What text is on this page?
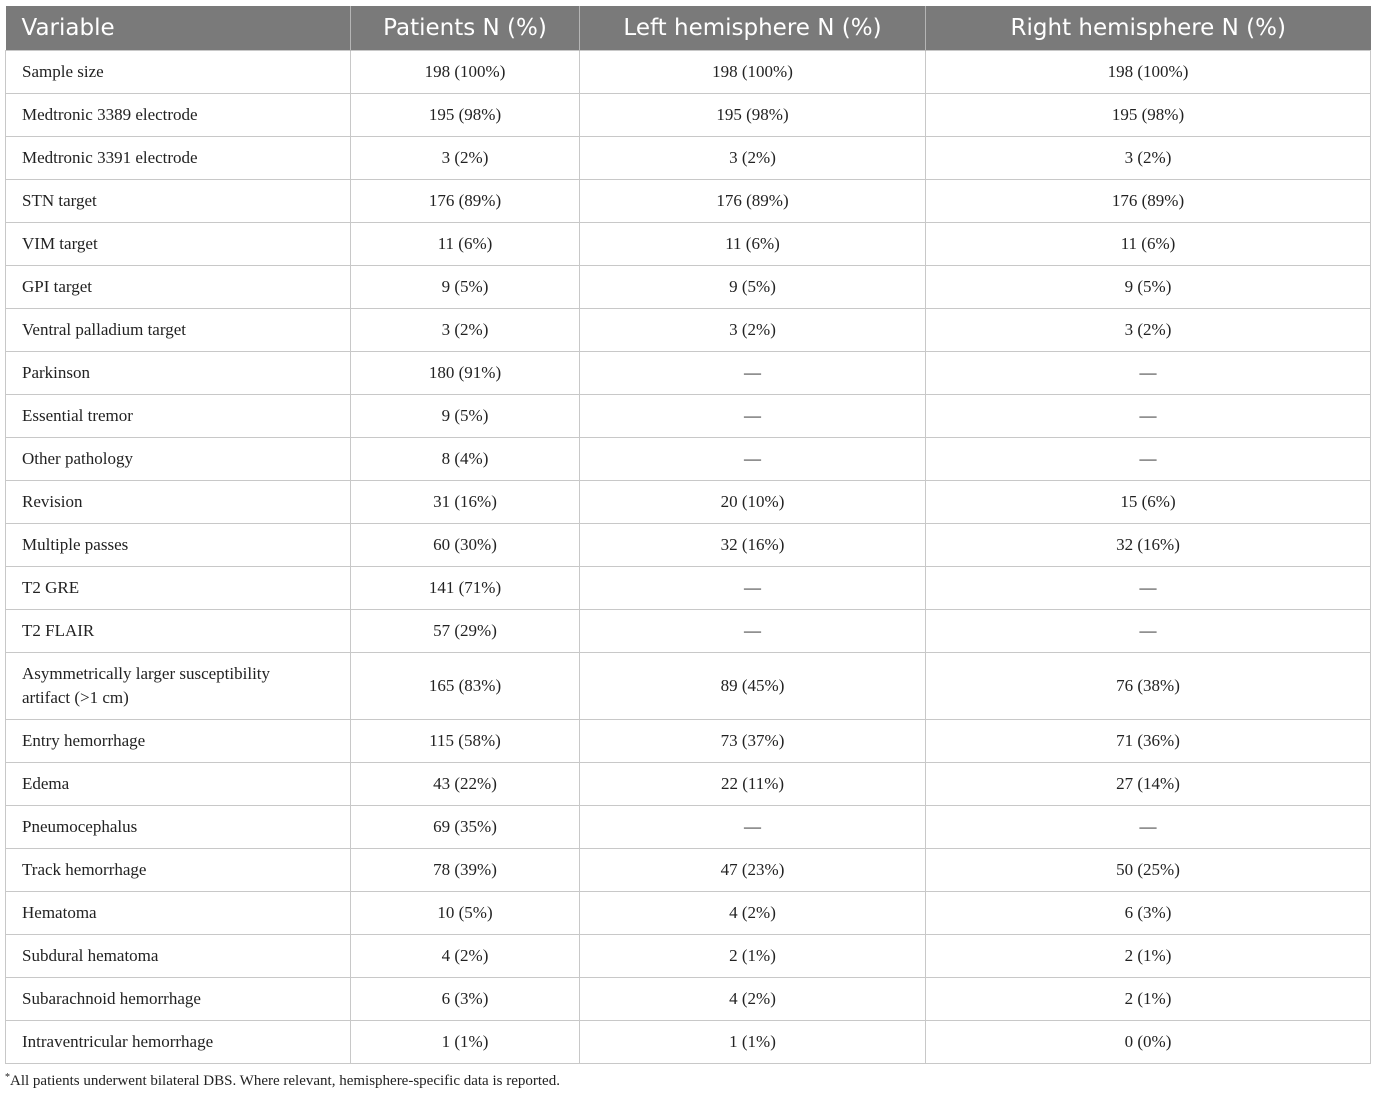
Variable	Patients N (%)	Left hemisphere N (%)	Right hemisphere N (%)
Sample size	198 (100%)	198 (100%)	198 (100%)
Medtronic 3389 electrode	195 (98%)	195 (98%)	195 (98%)
Medtronic 3391 electrode	3 (2%)	3 (2%)	3 (2%)
STN target	176 (89%)	176 (89%)	176 (89%)
VIM target	11 (6%)	11 (6%)	11 (6%)
GPI target	9 (5%)	9 (5%)	9 (5%)
Ventral palladium target	3 (2%)	3 (2%)	3 (2%)
Parkinson	180 (91%)	—	—
Essential tremor	9 (5%)	—	—
Other pathology	8 (4%)	—	—
Revision	31 (16%)	20 (10%)	15 (6%)
Multiple passes	60 (30%)	32 (16%)	32 (16%)
T2 GRE	141 (71%)	—	—
T2 FLAIR	57 (29%)	—	—
Asymmetrically larger susceptibility artifact (>1 cm)	165 (83%)	89 (45%)	76 (38%)
Entry hemorrhage	115 (58%)	73 (37%)	71 (36%)
Edema	43 (22%)	22 (11%)	27 (14%)
Pneumocephalus	69 (35%)	—	—
Track hemorrhage	78 (39%)	47 (23%)	50 (25%)
Hematoma	10 (5%)	4 (2%)	6 (3%)
Subdural hematoma	4 (2%)	2 (1%)	2 (1%)
Subarachnoid hemorrhage	6 (3%)	4 (2%)	2 (1%)
Intraventricular hemorrhage	1 (1%)	1 (1%)	0 (0%)
*All patients underwent bilateral DBS. Where relevant, hemisphere-specific data is reported.
